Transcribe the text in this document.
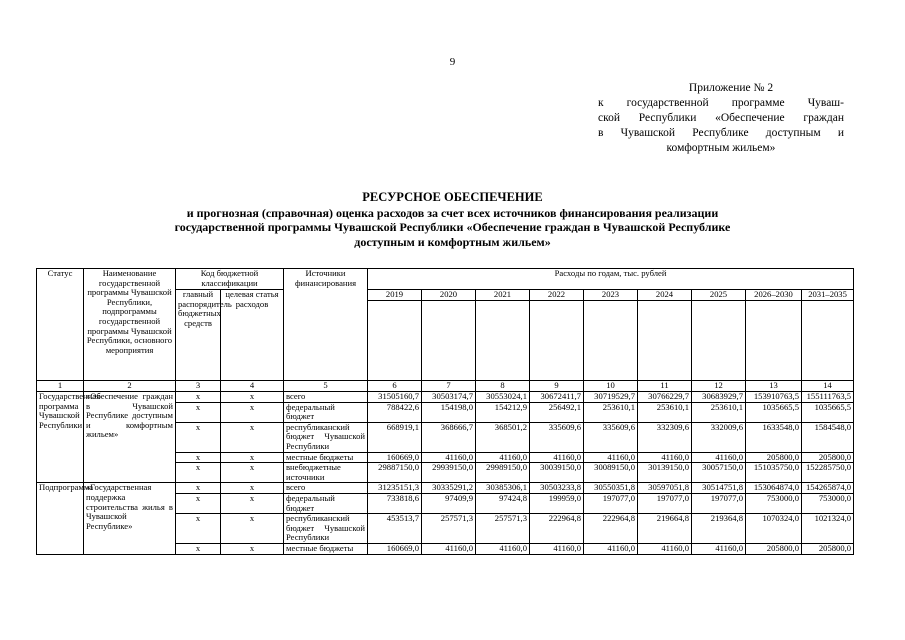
9
Приложение № 2
к государственной программе Чуваш-
ской Республики «Обеспечение граждан
в Чувашской Республике доступным и
комфортным жильем»
РЕСУРСНОЕ ОБЕСПЕЧЕНИЕ
и прогнозная (справочная) оценка расходов за счет всех источников финансирования реализации
государственной программы Чувашской Республики «Обеспечение граждан в Чувашской Республике
доступным и комфортным жильем»
Статус	Наименование государственной программы Чувашской Республики, подпрограммы государственной программы Чувашской Республики, основного мероприятия	Код бюджетной классификации		Источники финансирования	Расходы по годам, тыс. рублей								
		главный распорядитель бюджетных средств	целевая статья расходов		2019	2020	2021	2022	2023	2024	2025	2026–2030	2031–2035

1	2	3	4	5	6	7	8	9	10	11	12	13	14
Государственная программа Чувашской Республики	«Обеспечение граждан в Чувашской Республике доступным и комфортным жильем»	x	x	всего	31505160,7	30503174,7	30553024,1	30672411,7	30719529,7	30766229,7	30683929,7	153910763,5	155111763,5
		x	x	федеральный бюджет	788422,6	154198,0	154212,9	256492,1	253610,1	253610,1	253610,1	1035665,5	1035665,5
		x	x	республиканский бюджет Чувашской Республики	668919,1	368666,7	368501,2	335609,6	335609,6	332309,6	332009,6	1633548,0	1584548,0
		x	x	местные бюджеты	160669,0	41160,0	41160,0	41160,0	41160,0	41160,0	41160,0	205800,0	205800,0
		x	x	внебюджетные источники	29887150,0	29939150,0	29989150,0	30039150,0	30089150,0	30139150,0	30057150,0	151035750,0	152285750,0
Подпрограмма	«Государственная поддержка строительства жилья в Чувашской Республике»	x	x	всего	31235151,3	30335291,2	30385306,1	30503233,8	30550351,8	30597051,8	30514751,8	153064874,0	154265874,0
		x	x	федеральный бюджет	733818,6	97409,9	97424,8	199959,0	197077,0	197077,0	197077,0	753000,0	753000,0
		x	x	республиканский бюджет Чувашской Республики	453513,7	257571,3	257571,3	222964,8	222964,8	219664,8	219364,8	1070324,0	1021324,0
		x	x	местные бюджеты	160669,0	41160,0	41160,0	41160,0	41160,0	41160,0	41160,0	205800,0	205800,0
